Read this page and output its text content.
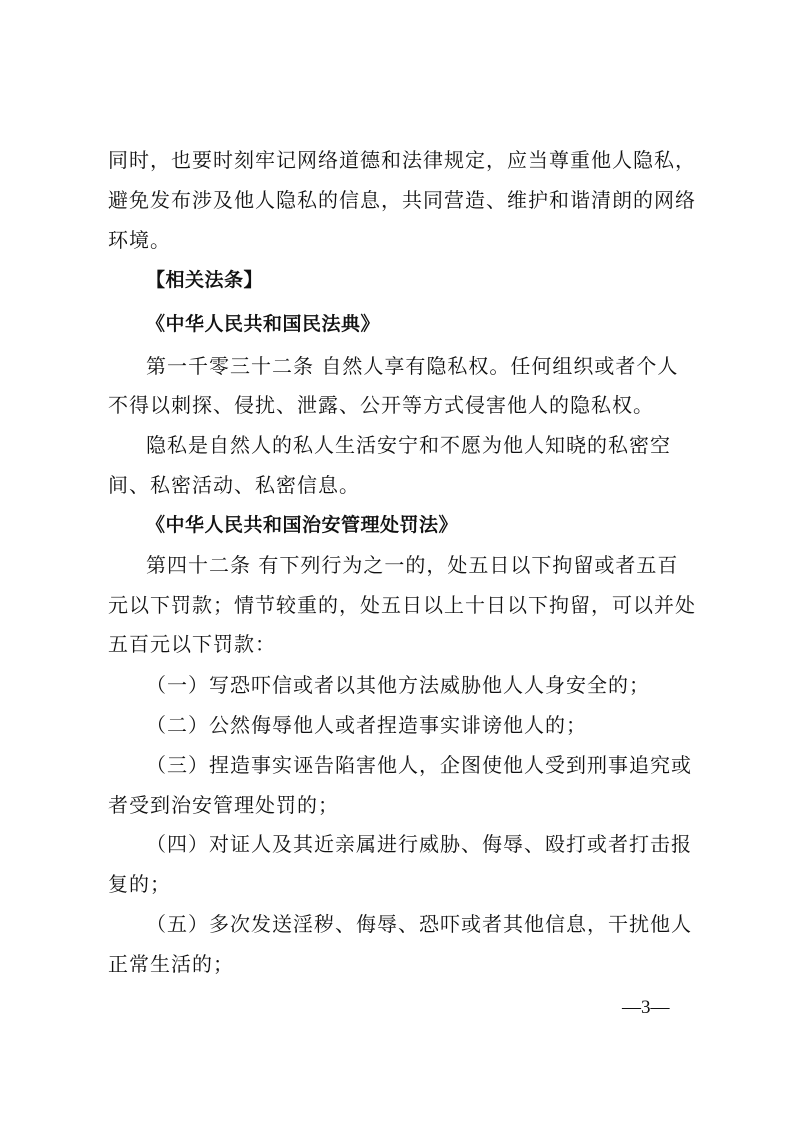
同时，也要时刻牢记网络道德和法律规定，应当尊重他人隐私，
避免发布涉及他人隐私的信息，共同营造、维护和谐清朗的网络
环境。
【相关法条】
《中华人民共和国民法典》
第一千零三十二条 自然人享有隐私权。任何组织或者个人
不得以刺探、侵扰、泄露、公开等方式侵害他人的隐私权。
隐私是自然人的私人生活安宁和不愿为他人知晓的私密空
间、私密活动、私密信息。
《中华人民共和国治安管理处罚法》
第四十二条 有下列行为之一的，处五日以下拘留或者五百
元以下罚款；情节较重的，处五日以上十日以下拘留，可以并处
五百元以下罚款：
（一）写恐吓信或者以其他方法威胁他人人身安全的；
（二）公然侮辱他人或者捏造事实诽谤他人的；
（三）捏造事实诬告陷害他人，企图使他人受到刑事追究或
者受到治安管理处罚的；
（四）对证人及其近亲属进行威胁、侮辱、殴打或者打击报
复的；
（五）多次发送淫秽、侮辱、恐吓或者其他信息，干扰他人
正常生活的；
—3—
